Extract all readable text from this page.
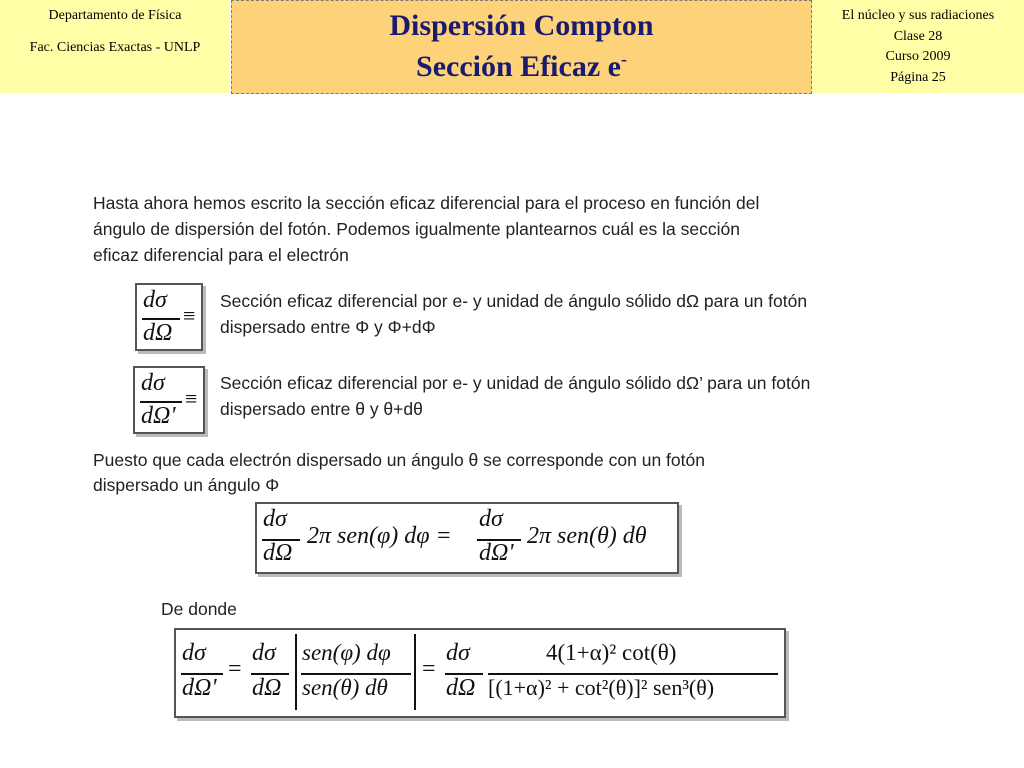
Departamento de Física
Fac. Ciencias Exactas - UNLP
Dispersión Compton
Sección Eficaz e-
El núcleo y sus radiaciones
Clase 28
Curso 2009
Página 25
Hasta ahora hemos escrito la sección eficaz diferencial para el proceso en función del
ángulo de dispersión del fotón. Podemos igualmente plantearnos cuál es la sección
eficaz diferencial para el electrón
dσ
dΩ
≡
Sección eficaz diferencial por e- y unidad de ángulo sólido dΩ para un fotón
dispersado entre Φ y Φ+dΦ
dσ
dΩ'
≡
Sección eficaz diferencial por e- y unidad de ángulo sólido dΩ’ para un fotón
dispersado entre θ y θ+dθ
Puesto que cada electrón dispersado un ángulo θ se corresponde con un fotón
dispersado un ángulo Φ
dσ
dΩ
2π sen(φ) dφ =
dσ
dΩ'
2π sen(θ) dθ
De donde
dσ
dΩ'
=
dσ
dΩ
sen(φ) dφ
sen(θ) dθ
=
dσ
dΩ
4(1+α)² cot(θ)
[(1+α)² + cot²(θ)]² sen³(θ)
